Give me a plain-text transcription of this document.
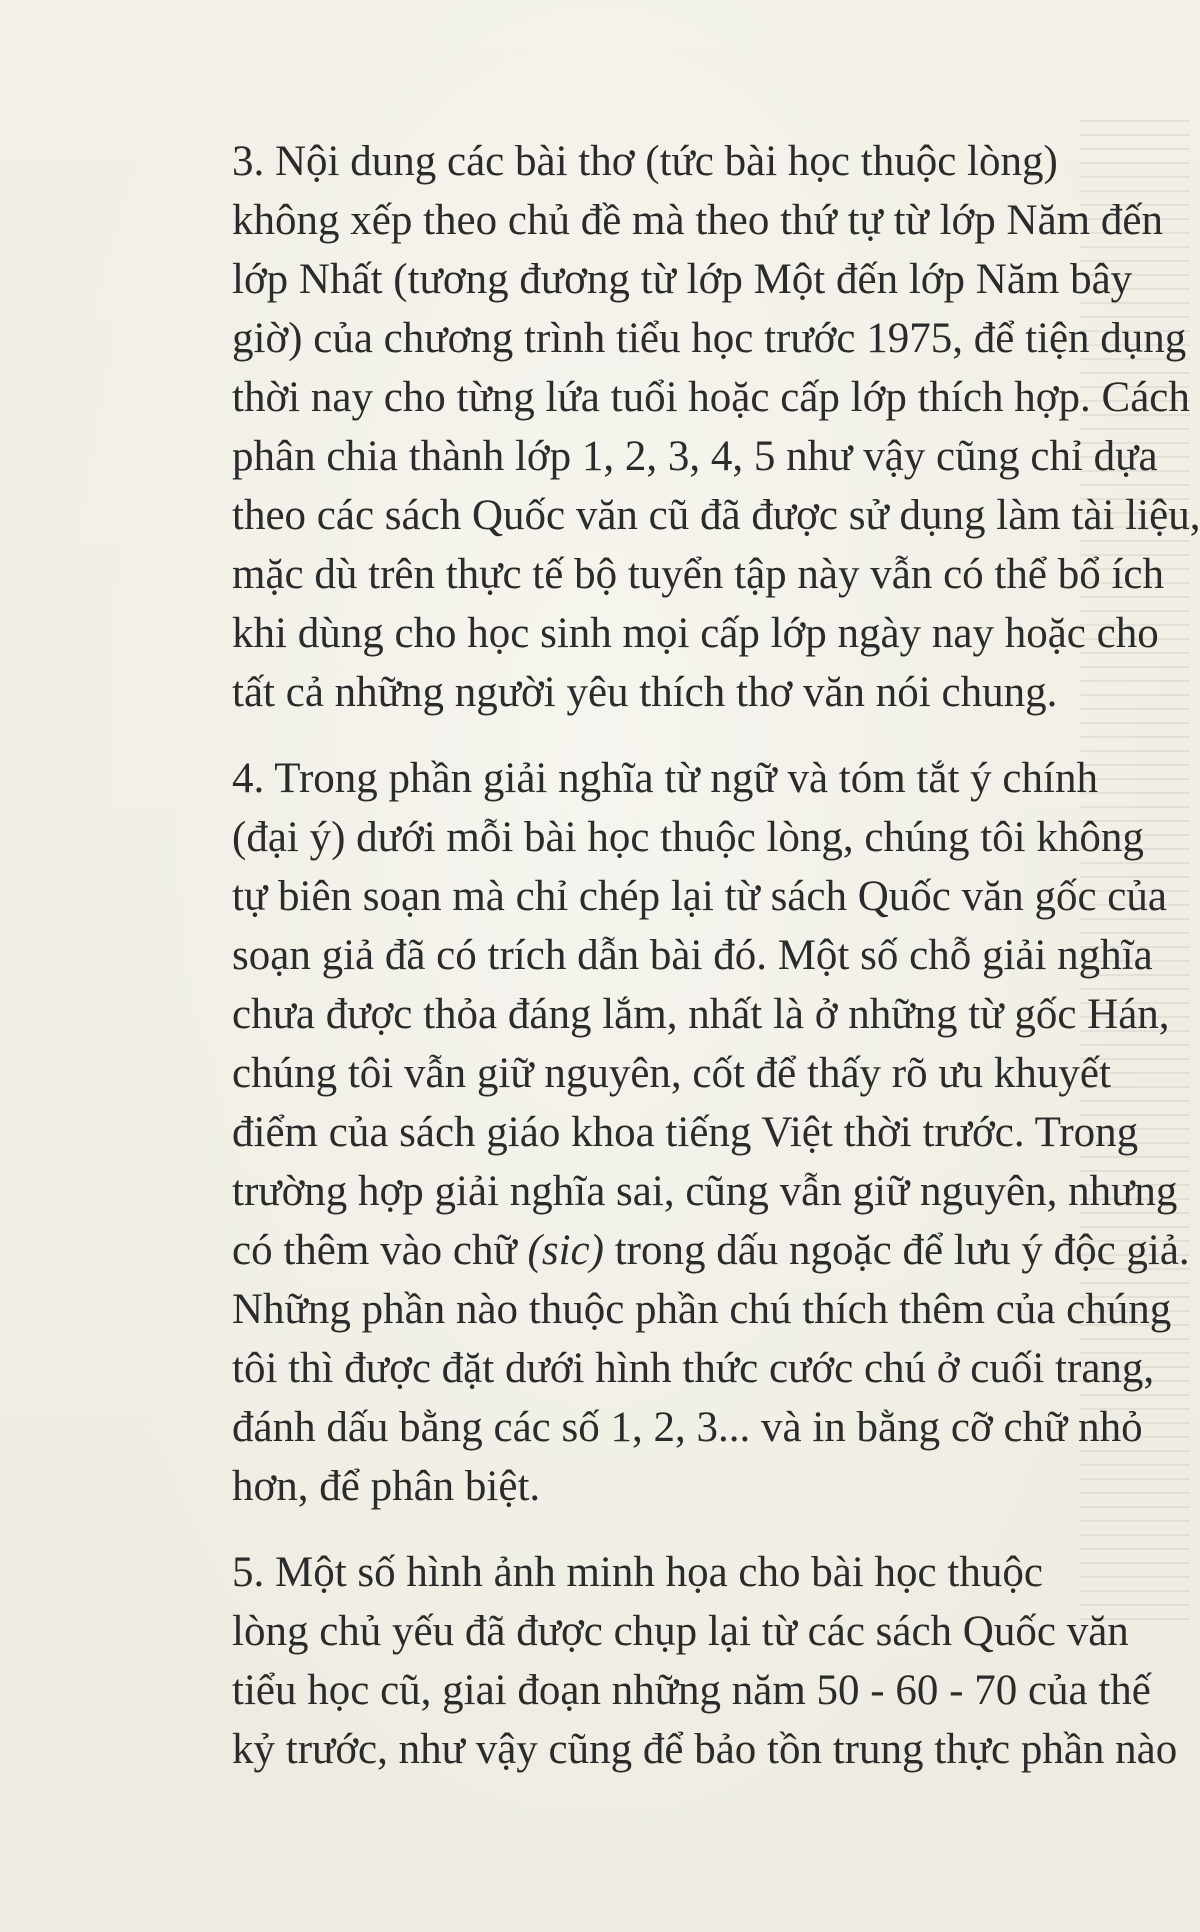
3. Nội dung các bài thơ (tức bài học thuộc lòng)
không xếp theo chủ đề mà theo thứ tự từ lớp Năm đến
lớp Nhất (tương đương từ lớp Một đến lớp Năm bây
giờ) của chương trình tiểu học trước 1975, để tiện dụng
thời nay cho từng lứa tuổi hoặc cấp lớp thích hợp. Cách
phân chia thành lớp 1, 2, 3, 4, 5 như vậy cũng chỉ dựa
theo các sách Quốc văn cũ đã được sử dụng làm tài liệu,
mặc dù trên thực tế bộ tuyển tập này vẫn có thể bổ ích
khi dùng cho học sinh mọi cấp lớp ngày nay hoặc cho
tất cả những người yêu thích thơ văn nói chung.

4. Trong phần giải nghĩa từ ngữ và tóm tắt ý chính
(đại ý) dưới mỗi bài học thuộc lòng, chúng tôi không
tự biên soạn mà chỉ chép lại từ sách Quốc văn gốc của
soạn giả đã có trích dẫn bài đó. Một số chỗ giải nghĩa
chưa được thỏa đáng lắm, nhất là ở những từ gốc Hán,
chúng tôi vẫn giữ nguyên, cốt để thấy rõ ưu khuyết
điểm của sách giáo khoa tiếng Việt thời trước. Trong
trường hợp giải nghĩa sai, cũng vẫn giữ nguyên, nhưng
có thêm vào chữ (sic) trong dấu ngoặc để lưu ý độc giả.
Những phần nào thuộc phần chú thích thêm của chúng
tôi thì được đặt dưới hình thức cước chú ở cuối trang,
đánh dấu bằng các số 1, 2, 3... và in bằng cỡ chữ nhỏ
hơn, để phân biệt.

5. Một số hình ảnh minh họa cho bài học thuộc
lòng chủ yếu đã được chụp lại từ các sách Quốc văn
tiểu học cũ, giai đoạn những năm 50 - 60 - 70 của thế
kỷ trước, như vậy cũng để bảo tồn trung thực phần nào
